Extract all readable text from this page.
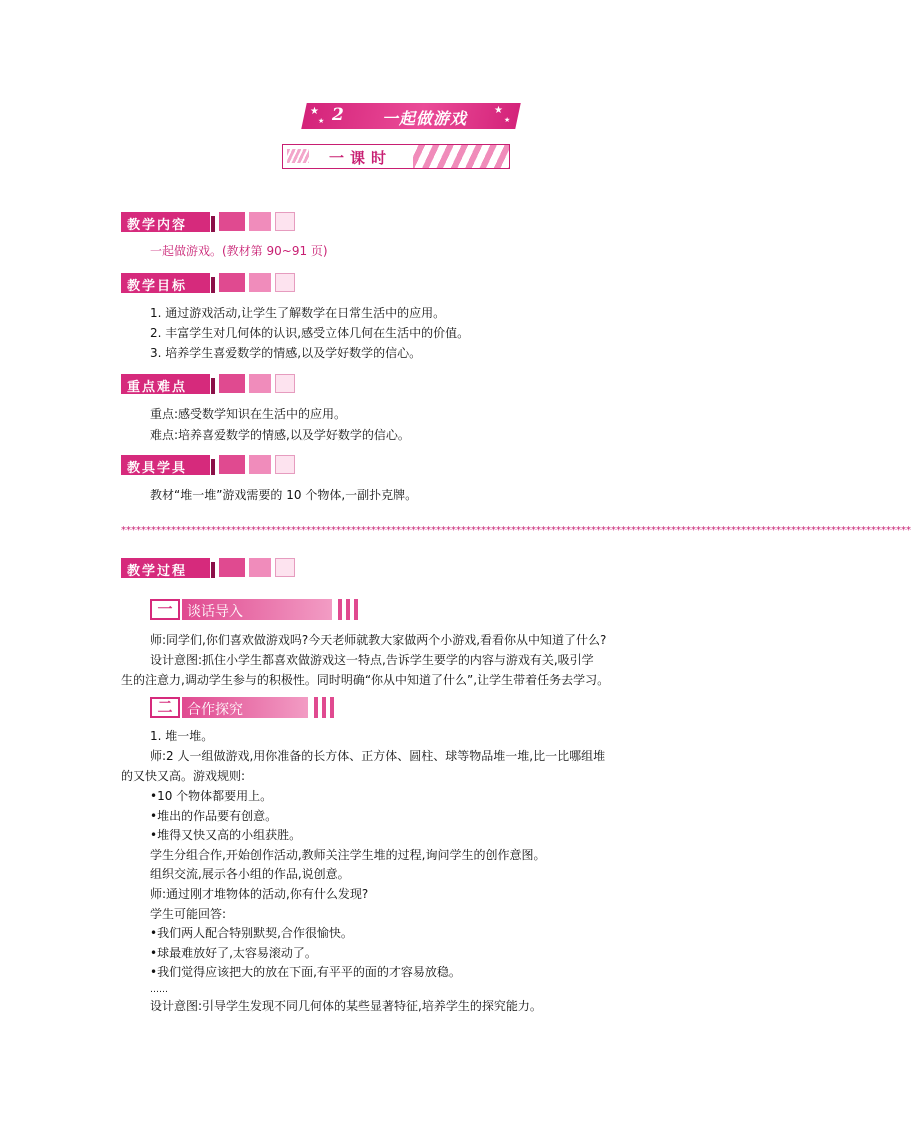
★
★ 2 一起做游戏	★
★
一课时
教学内容
一起做游戏。(教材第 90~91 页)
教学目标
1. 通过游戏活动,让学生了解数学在日常生活中的应用。
2. 丰富学生对几何体的认识,感受立体几何在生活中的价值。
3. 培养学生喜爱数学的情感,以及学好数学的信心。
重点难点
重点:感受数学知识在生活中的应用。
难点:培养喜爱数学的情感,以及学好数学的信心。
教具学具
教材“堆一堆”游戏需要的 10 个物体,一副扑克牌。
**************************************************************************************************************************************************************
教学过程
一	谈话导入
师:同学们,你们喜欢做游戏吗?今天老师就教大家做两个小游戏,看看你从中知道了什么?
设计意图:抓住小学生都喜欢做游戏这一特点,告诉学生要学的内容与游戏有关,吸引学
生的注意力,调动学生参与的积极性。同时明确“你从中知道了什么”,让学生带着任务去学习。
二	合作探究
1. 堆一堆。
师:2 人一组做游戏,用你准备的长方体、正方体、圆柱、球等物品堆一堆,比一比哪组堆
的又快又高。游戏规则:
•10 个物体都要用上。
•堆出的作品要有创意。
•堆得又快又高的小组获胜。
学生分组合作,开始创作活动,教师关注学生堆的过程,询问学生的创作意图。
组织交流,展示各小组的作品,说创意。
师:通过刚才堆物体的活动,你有什么发现?
学生可能回答:
•我们两人配合特别默契,合作很愉快。
•球最难放好了,太容易滚动了。
•我们觉得应该把大的放在下面,有平平的面的才容易放稳。
……
设计意图:引导学生发现不同几何体的某些显著特征,培养学生的探究能力。
